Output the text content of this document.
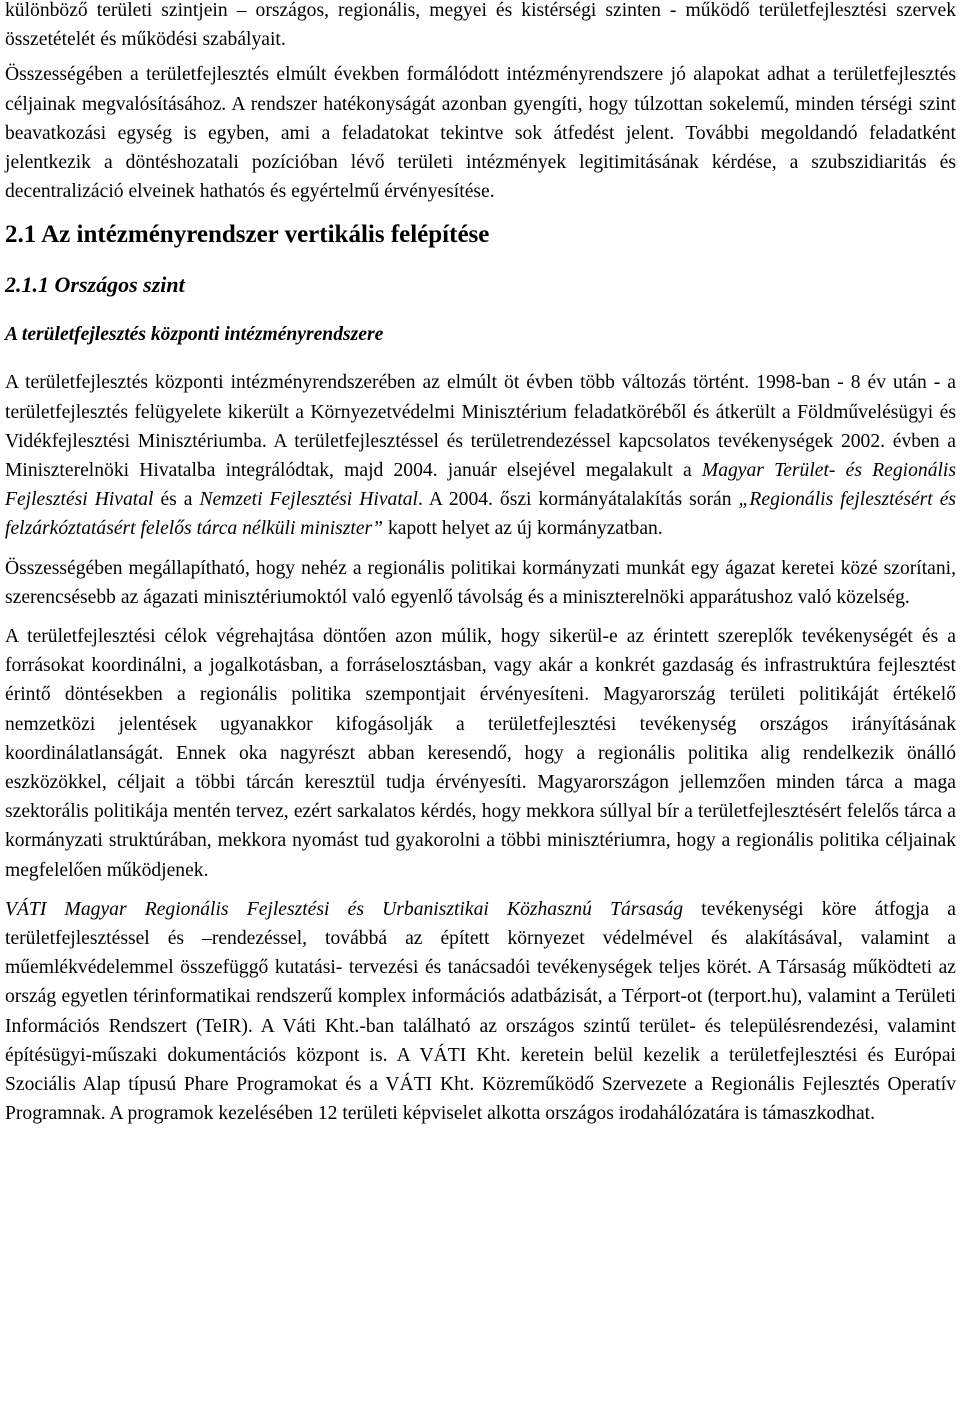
különböző területi szintjein – országos, regionális, megyei és kistérségi szinten - működő területfejlesztési szervek összetételét és működési szabályait.

Összességében a területfejlesztés elmúlt években formálódott intézményrendszere jó alapokat adhat a területfejlesztés céljainak megvalósításához. A rendszer hatékonyságát azonban gyengíti, hogy túlzottan sokelemű, minden térségi szint beavatkozási egység is egyben, ami a feladatokat tekintve sok átfedést jelent. További megoldandó feladatként jelentkezik a döntéshozatali pozícióban lévő területi intézmények legitimitásának kérdése, a szubszidiaritás és decentralizáció elveinek hathatós és egyértelmű érvényesítése.

2.1 Az intézményrendszer vertikális felépítése
2.1.1 Országos szint
A területfejlesztés központi intézményrendszere

A területfejlesztés központi intézményrendszerében az elmúlt öt évben több változás történt. 1998-ban - 8 év után - a területfejlesztés felügyelete kikerült a Környezetvédelmi Minisztérium feladatköréből és átkerült a Földművelésügyi és Vidékfejlesztési Minisztériumba. A területfejlesztéssel és területrendezéssel kapcsolatos tevékenységek 2002. évben a Miniszterelnöki Hivatalba integrálódtak, majd 2004. január elsejével megalakult a Magyar Terület- és Regionális Fejlesztési Hivatal és a Nemzeti Fejlesztési Hivatal. A 2004. őszi kormányátalakítás során „Regionális fejlesztésért és felzárkóztatásért felelős tárca nélküli miniszter” kapott helyet az új kormányzatban.

Összességében megállapítható, hogy nehéz a regionális politikai kormányzati munkát egy ágazat keretei közé szorítani, szerencsésebb az ágazati minisztériumoktól való egyenlő távolság és a miniszterelnöki apparátushoz való közelség.

A területfejlesztési célok végrehajtása döntően azon múlik, hogy sikerül-e az érintett szereplők tevékenységét és a forrásokat koordinálni, a jogalkotásban, a forráselosztásban, vagy akár a konkrét gazdaság és infrastruktúra fejlesztést érintő döntésekben a regionális politika szempontjait érvényesíteni. Magyarország területi politikáját értékelő nemzetközi jelentések ugyanakkor kifogásolják a területfejlesztési tevékenység országos irányításának koordinálatlanságát. Ennek oka nagyrészt abban keresendő, hogy a regionális politika alig rendelkezik önálló eszközökkel, céljait a többi tárcán keresztül tudja érvényesíti. Magyarországon jellemzően minden tárca a maga szektorális politikája mentén tervez, ezért sarkalatos kérdés, hogy mekkora súllyal bír a területfejlesztésért felelős tárca a kormányzati struktúrában, mekkora nyomást tud gyakorolni a többi minisztériumra, hogy a regionális politika céljainak megfelelően működjenek.

VÁTI Magyar Regionális Fejlesztési és Urbanisztikai Közhasznú Társaság tevékenységi köre átfogja a területfejlesztéssel és –rendezéssel, továbbá az épített környezet védelmével és alakításával, valamint a műemlékvédelemmel összefüggő kutatási- tervezési és tanácsadói tevékenységek teljes körét. A Társaság működteti az ország egyetlen térinformatikai rendszerű komplex információs adatbázisát, a Térport-ot (terport.hu), valamint a Területi Információs Rendszert (TeIR). A Váti Kht.-ban található az országos szintű terület- és településrendezési, valamint építésügyi-műszaki dokumentációs központ is. A VÁTI Kht. keretein belül kezelik a területfejlesztési és Európai Szociális Alap típusú Phare Programokat és a VÁTI Kht. Közreműködő Szervezete a Regionális Fejlesztés Operatív Programnak. A programok kezelésében 12 területi képviselet alkotta országos irodahálózatára is támaszkodhat.
